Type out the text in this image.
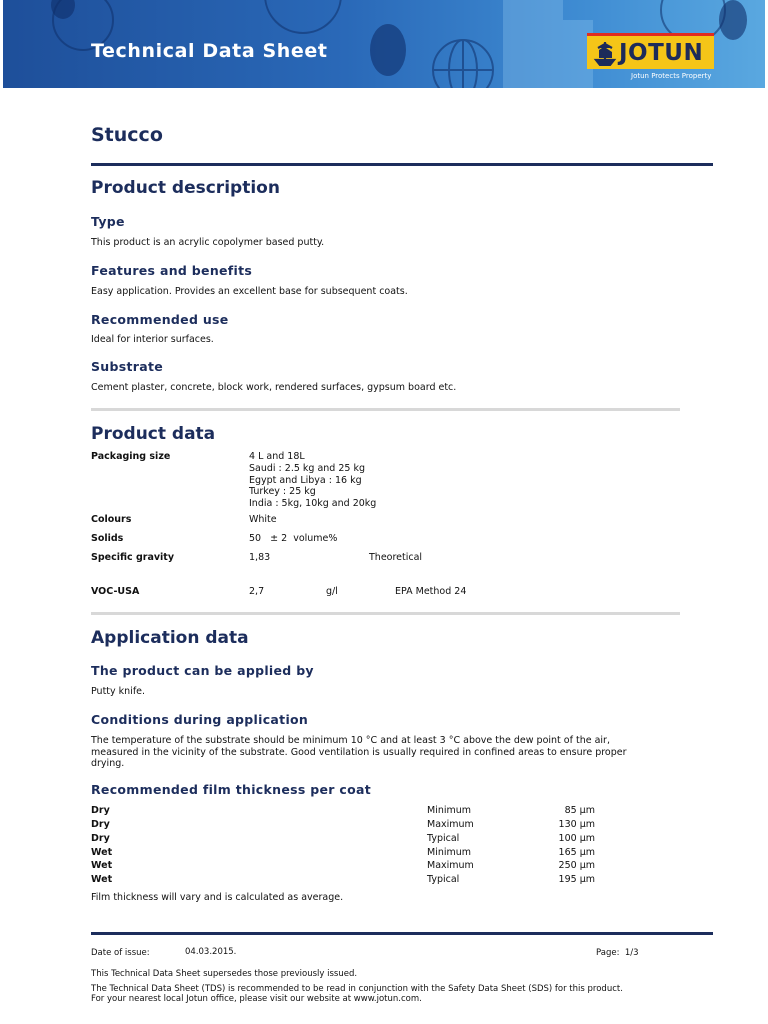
Technical Data Sheet	JOTUN
Jotun Protects Property
Stucco
Product description
Type
This product is an acrylic copolymer based putty.
Features and benefits
Easy application. Provides an excellent base for subsequent coats.
Recommended use
Ideal for interior surfaces.
Substrate
Cement plaster, concrete, block work, rendered surfaces, gypsum board etc.
Product data
Packaging size	4 L and 18L
Saudi : 2.5 kg and 25 kg
Egypt and Libya : 16 kg
Turkey : 25 kg
India : 5kg, 10kg and 20kg
Colours	White
Solids	50   ± 2  volume%
Specific gravity	1,83	Theoretical
VOC-USA	2,7	g/l	EPA Method 24
Application data
The product can be applied by
Putty knife.
Conditions during application
The temperature of the substrate should be minimum 10 °C and at least 3 °C above the dew point of the air,
measured in the vicinity of the substrate. Good ventilation is usually required in confined areas to ensure proper
drying.
Recommended film thickness per coat
Dry	Minimum	85 µm
Dry	Maximum	130 µm
Dry	Typical	100 µm
Wet	Minimum	165 µm
Wet	Maximum	250 µm
Wet	Typical	195 µm
Film thickness will vary and is calculated as average.
Date of issue:	04.03.2015.	Page:  1/3
This Technical Data Sheet supersedes those previously issued.
The Technical Data Sheet (TDS) is recommended to be read in conjunction with the Safety Data Sheet (SDS) for this product.
For your nearest local Jotun office, please visit our website at www.jotun.com.
